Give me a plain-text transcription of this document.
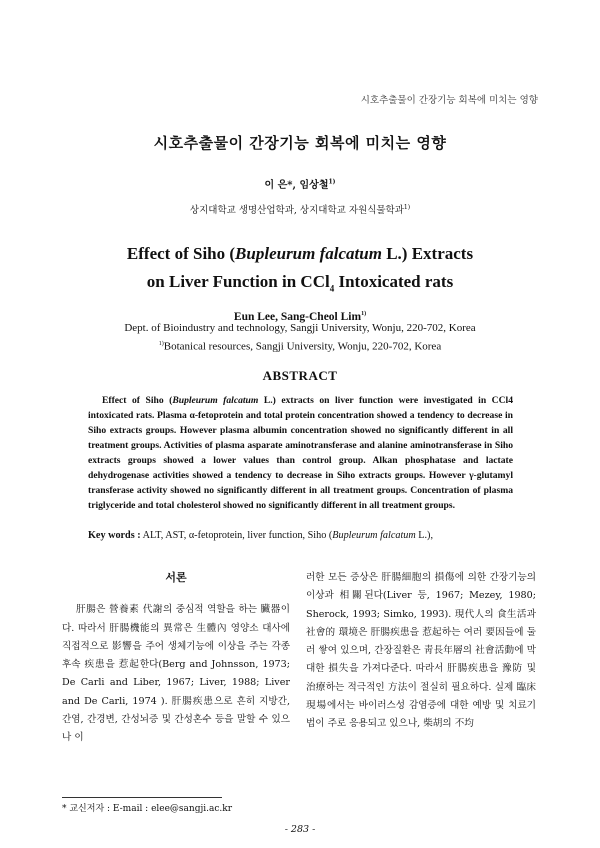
시호추출물이 간장기능 회복에 미치는 영향
시호추출물이 간장기능 회복에 미치는 영향
이 은*, 임상철$^{1)}$
상지대학교 생명산업학과, 상지대학교 자원식물학과$^{1)}$
Effect of Siho (Bupleurum falcatum L.) Extracts
on Liver Function in CCl$_4$ Intoxicated rats
Eun Lee, Sang-Cheol Lim$^{1)}$
Dept. of Bioindustry and technology, Sangji University, Wonju, 220-702, Korea
$^{1)}$Botanical resources, Sangji University, Wonju, 220-702, Korea
ABSTRACT
Effect of Siho (Bupleurum falcatum L.) extracts on liver function were investigated in CCl4 intoxicated rats. Plasma α-fetoprotein and total protein concentration showed a tendency to decrease in Siho extracts groups. However plasma albumin concentration showed no significantly different in all treatment groups. Activities of plasma asparate aminotransferase and alanine aminotransferase in Siho extracts groups showed a lower values than control group. Alkan phosphatase and lactate dehydrogenase activities showed a tendency to decrease in Siho extracts groups. However γ-glutamyl transferase activity showed no significantly different in all treatment groups. Concentration of plasma triglyceride and total cholesterol showed no significantly different in all treatment groups.
Key words : ALT, AST, α-fetoprotein, liver function, Siho (Bupleurum falcatum L.),
서론
肝腸은 營養素 代謝의 중심적 역할을 하는 臟器이다. 따라서 肝腸機能의 異常은 生體內 영양소 대사에 직접적으로 影響을 주어 생체기능에 이상을 주는 각종 후속 疾患을 惹起한다(Berg and Johnsson, 1973; De Carli and Liber, 1967; Liver, 1988; Liver and De Carli, 1974 ). 肝腸疾患으로 흔히 지방간, 간염, 간경변, 간성뇌증 및 간성혼수 등을 말할 수 있으나 이
러한 모든 증상은 肝腸細胞의 損傷에 의한 간장기능의 이상과 相關된다(Liver 등, 1967; Mezey, 1980; Sherock, 1993; Simko, 1993). 現代人의 食生活과 社會的 環境은 肝腸疾患을 惹起하는 여러 要因들에 둘러 쌓여 있으며, 간장질환은 靑長年層의 社會活動에 막대한 損失을 가져다준다. 따라서 肝腸疾患을 豫防 및 治療하는 적극적인 方法이 절실히 필요하다. 실제 臨床現場에서는 바이러스성 감염증에 대한 예방 및 치료기법이 주로 응용되고 있으나, 柴胡의 不均
* 교신저자 : E-mail : elee@sangji.ac.kr
- 283 -
